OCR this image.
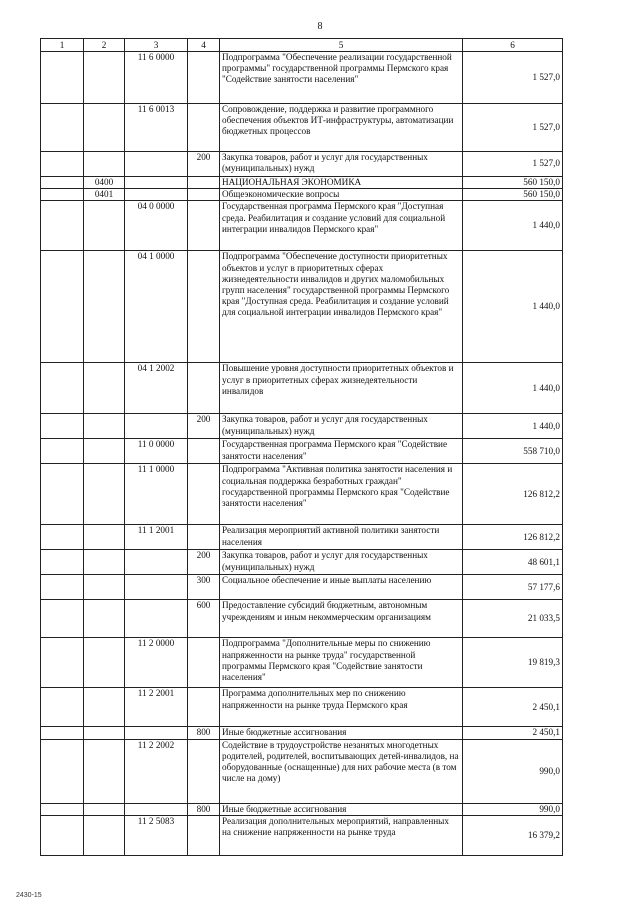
8
1	2	3	4	5	6
		11 6 0000		Подпрограмма "Обеспечение реализации государственной программы" государственной программы Пермского края "Содействие занятости населения"	1 527,0
		11 6 0013		Сопровождение, поддержка и развитие программного обеспечения объектов ИТ-инфраструктуры, автоматизации бюджетных процессов	1 527,0
			200	Закупка товаров, работ и услуг для государственных (муниципальных) нужд	1 527,0
	0400			НАЦИОНАЛЬНАЯ ЭКОНОМИКА	560 150,0
	0401			Общеэкономические вопросы	560 150,0
		04 0 0000		Государственная программа Пермского края "Доступная среда. Реабилитация и создание условий для социальной интеграции инвалидов Пермского края"	1 440,0
		04 1 0000		Подпрограмма "Обеспечение доступности приоритетных объектов и услуг в приоритетных сферах жизнедеятельности инвалидов и других маломобильных групп населения" государственной программы Пермского края "Доступная среда. Реабилитация и создание условий для социальной интеграции инвалидов Пермского края"	1 440,0
		04 1 2002		Повышение уровня доступности приоритетных объектов и услуг в приоритетных сферах жизнедеятельности инвалидов	1 440,0
			200	Закупка товаров, работ и услуг для государственных (муниципальных) нужд	1 440,0
		11 0 0000		Государственная программа Пермского края "Содействие занятости населения"	558 710,0
		11 1 0000		Подпрограмма "Активная политика занятости населения и социальная поддержка безработных граждан" государственной программы Пермского края "Содействие занятости населения"	126 812,2
		11 1 2001		Реализация мероприятий активной политики занятости населения	126 812,2
			200	Закупка товаров, работ и услуг для государственных (муниципальных) нужд	48 601,1
			300	Социальное обеспечение и иные выплаты населению	57 177,6
			600	Предоставление субсидий бюджетным, автономным учреждениям и иным некоммерческим организациям	21 033,5
		11 2 0000		Подпрограмма "Дополнительные меры по снижению напряженности на рынке труда" государственной программы Пермского края "Содействие занятости населения"	19 819,3
		11 2 2001		Программа дополнительных мер по снижению напряженности на рынке труда Пермского края	2 450,1
			800	Иные бюджетные ассигнования	2 450,1
		11 2 2002		Содействие в трудоустройстве незанятых многодетных родителей, родителей, воспитывающих детей-инвалидов, на оборудованные (оснащенные) для них рабочие места (в том числе на дому)	990,0
			800	Иные бюджетные ассигнования	990,0
		11 2 5083		Реализация дополнительных мероприятий, направленных на снижение напряженности на рынке труда	16 379,2
2430-15
